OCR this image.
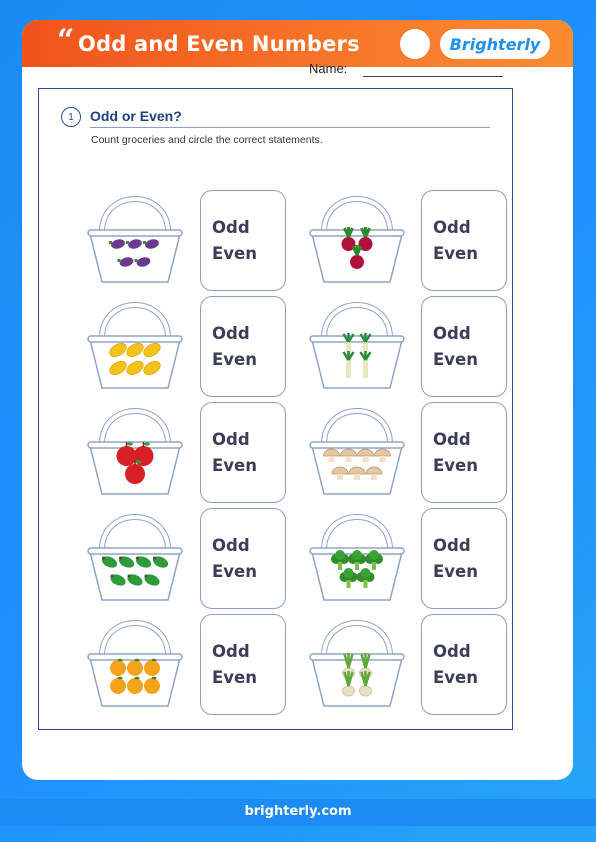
“ Odd and Even Numbers	Brighterly
Name:
1	Odd or Even?
Count groceries and circle the correct statements.
Odd
Even
Odd
Even
Odd
Even
Odd
Even
Odd
Even
Odd
Even
Odd
Even
Odd
Even
Odd
Even
Odd
Even
brighterly.com
